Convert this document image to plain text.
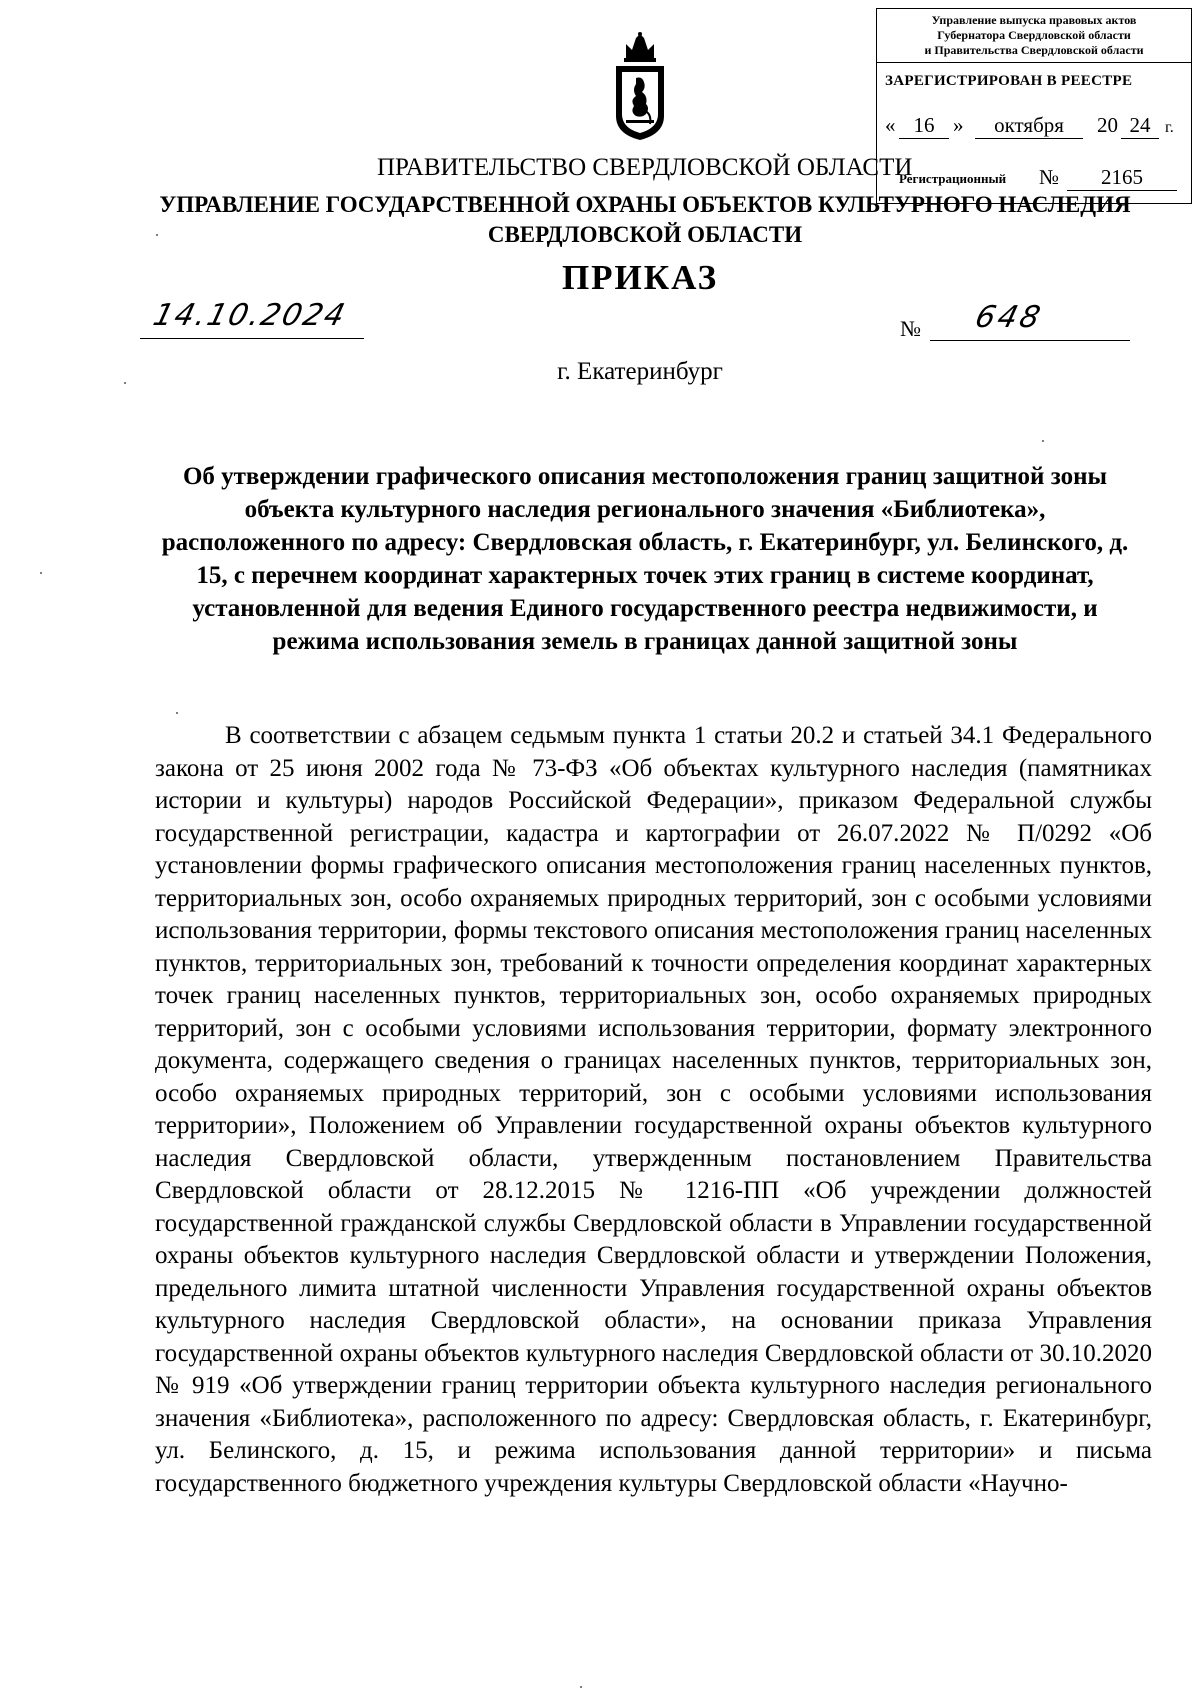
Управление выпуска правовых актов
Губернатора Свердловской области
и Правительства Свердловской области
ЗАРЕГИСТРИРОВАН В РЕЕСТРЕ
« 16 »	октября	20 24 г.
Регистрационный №	2165
ПРАВИТЕЛЬСТВО СВЕРДЛОВСКОЙ ОБЛАСТИ
УПРАВЛЕНИЕ ГОСУДАРСТВЕННОЙ ОХРАНЫ ОБЪЕКТОВ КУЛЬТУРНОГО НАСЛЕДИЯ СВЕРДЛОВСКОЙ ОБЛАСТИ
ПРИКАЗ
14.10.2024	№ 648
г. Екатеринбург
Об утверждении графического описания местоположения границ защитной зоны объекта культурного наследия регионального значения «Библиотека», расположенного по адресу: Свердловская область, г. Екатеринбург, ул. Белинского, д. 15, с перечнем координат характерных точек этих границ в системе координат, установленной для ведения Единого государственного реестра недвижимости, и режима использования земель в границах данной защитной зоны
В соответствии с абзацем седьмым пункта 1 статьи 20.2 и статьей 34.1 Федерального закона от 25 июня 2002 года № 73-ФЗ «Об объектах культурного наследия (памятниках истории и культуры) народов Российской Федерации», приказом Федеральной службы государственной регистрации, кадастра и картографии от 26.07.2022 № П/0292 «Об установлении формы графического описания местоположения границ населенных пунктов, территориальных зон, особо охраняемых природных территорий, зон с особыми условиями использования территории, формы текстового описания местоположения границ населенных пунктов, территориальных зон, требований к точности определения координат характерных точек границ населенных пунктов, территориальных зон, особо охраняемых природных территорий, зон с особыми условиями использования территории, формату электронного документа, содержащего сведения о границах населенных пунктов, территориальных зон, особо охраняемых природных территорий, зон с особыми условиями использования территории», Положением об Управлении государственной охраны объектов культурного наследия Свердловской области, утвержденным постановлением Правительства Свердловской области от 28.12.2015 № 1216-ПП «Об учреждении должностей государственной гражданской службы Свердловской области в Управлении государственной охраны объектов культурного наследия Свердловской области и утверждении Положения, предельного лимита штатной численности Управления государственной охраны объектов культурного наследия Свердловской области», на основании приказа Управления государственной охраны объектов культурного наследия Свердловской области от 30.10.2020 № 919 «Об утверждении границ территории объекта культурного наследия регионального значения «Библиотека», расположенного по адресу: Свердловская область, г. Екатеринбург, ул. Белинского, д. 15, и режима использования данной территории» и письма государственного бюджетного учреждения культуры Свердловской области «Научно-
